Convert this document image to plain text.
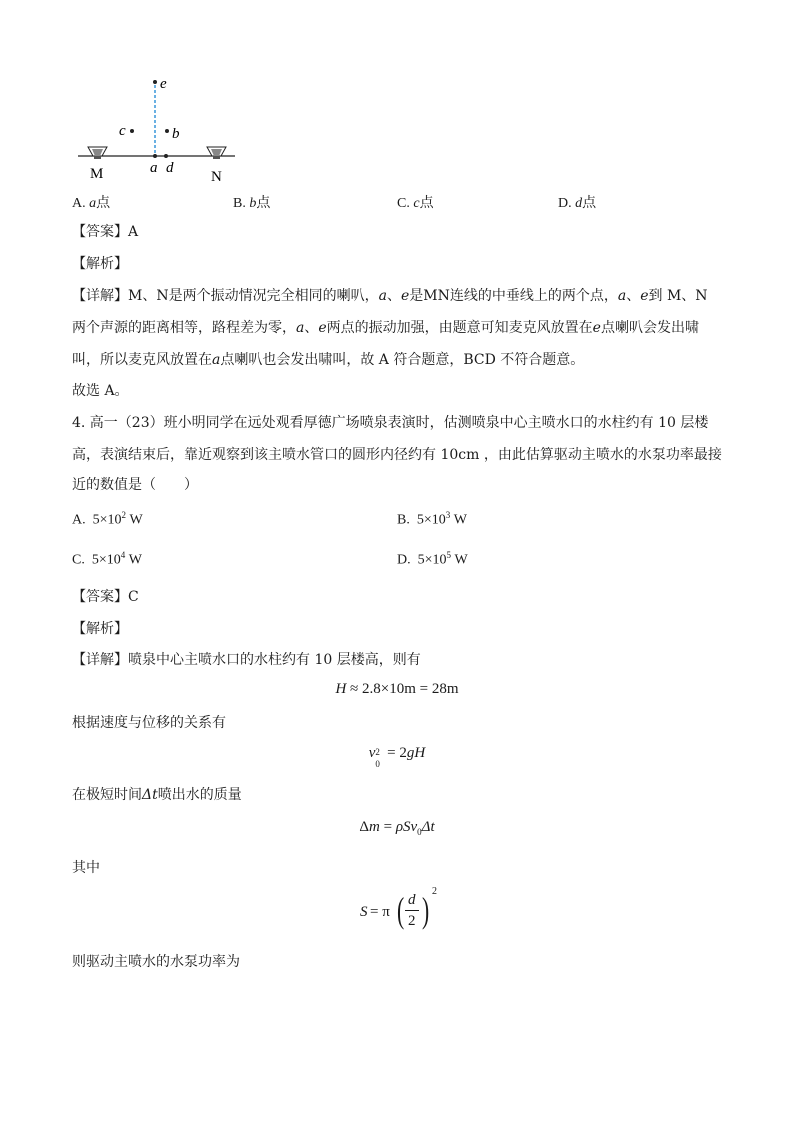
e
c	b
a d
M	N
A. a点	B. b点	C. c点	D. d点
【答案】A
【解析】
【详解】M、N是两个振动情况完全相同的喇叭，a、e是MN连线的中垂线上的两个点，a、e到 M、N
两个声源的距离相等，路程差为零，a、e两点的振动加强，由题意可知麦克风放置在e点喇叭会发出啸
叫，所以麦克风放置在a点喇叭也会发出啸叫，故 A 符合题意，BCD 不符合题意。
故选 A。
4. 高一（23）班小明同学在远处观看厚德广场喷泉表演时，估测喷泉中心主喷水口的水柱约有 10 层楼
高，表演结束后，靠近观察到该主喷水管口的圆形内径约有 10cm ，由此估算驱动主喷水的水泵功率最接
近的数值是（　　）
A. $5\times 10^2$ W	B. $5\times 10^3$ W
C. $5\times 10^4$ W	D. $5\times 10^5$ W
【答案】C
【解析】
【详解】喷泉中心主喷水口的水柱约有 10 层楼高，则有
H ≈ 2.8×10m = 28m
根据速度与位移的关系有
v 2
0
= 2gH
在极短时间Δt喷出水的质量
Δm = ρSv$_0$Δt
其中
S = π ( d
2 ) 2
则驱动主喷水的水泵功率为
